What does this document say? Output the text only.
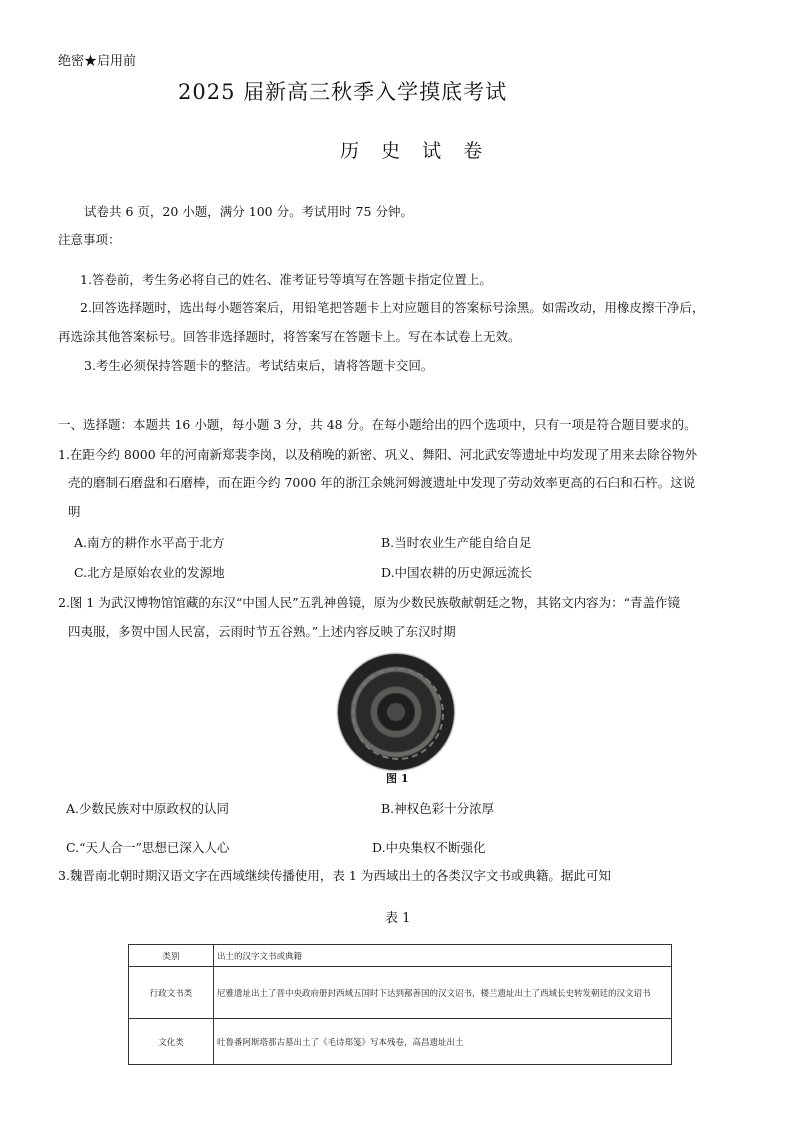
绝密★启用前
2025 届新高三秋季入学摸底考试
历 史 试 卷
试卷共 6 页，20 小题，满分 100 分。考试用时 75 分钟。
注意事项：
1.答卷前，考生务必将自己的姓名、准考证号等填写在答题卡指定位置上。
2.回答选择题时，选出每小题答案后，用铅笔把答题卡上对应题目的答案标号涂黑。如需改动，用橡皮擦干净后，
再选涂其他答案标号。回答非选择题时，将答案写在答题卡上。写在本试卷上无效。
3.考生必须保持答题卡的整洁。考试结束后，请将答题卡交回。
一、选择题：本题共 16 小题，每小题 3 分，共 48 分。在每小题给出的四个选项中，只有一项是符合题目要求的。
1.在距今约 8000 年的河南新郑裴李岗，以及稍晚的新密、巩义、舞阳、河北武安等遗址中均发现了用来去除谷物外
壳的磨制石磨盘和石磨棒，而在距今约 7000 年的浙江余姚河姆渡遗址中发现了劳动效率更高的石臼和石杵。这说
明
A.南方的耕作水平高于北方	B.当时农业生产能自给自足
C.北方是原始农业的发源地	D.中国农耕的历史源远流长
2.图 1 为武汉博物馆馆藏的东汉“中国人民”五乳神兽镜，原为少数民族敬献朝廷之物，其铭文内容为：“青盖作镜
四夷服，多贺中国人民富，云雨时节五谷熟。”上述内容反映了东汉时期
图 1
A.少数民族对中原政权的认同	B.神权色彩十分浓厚
C.“天人合一”思想已深入人心	D.中央集权不断强化
3.魏晋南北朝时期汉语文字在西域继续传播使用，表 1 为西域出土的各类汉字文书或典籍。据此可知
表 1
类别	出土的汉字文书或典籍
行政文书类	尼雅遗址出土了晋中央政府册封西域五国时下达到鄯善国的汉文诏书，楼兰遗址出土了西域长史转发朝廷的汉文诏书
文化类	吐鲁番阿斯塔那古墓出土了《毛诗郑笺》写本残卷，高昌遗址出土
